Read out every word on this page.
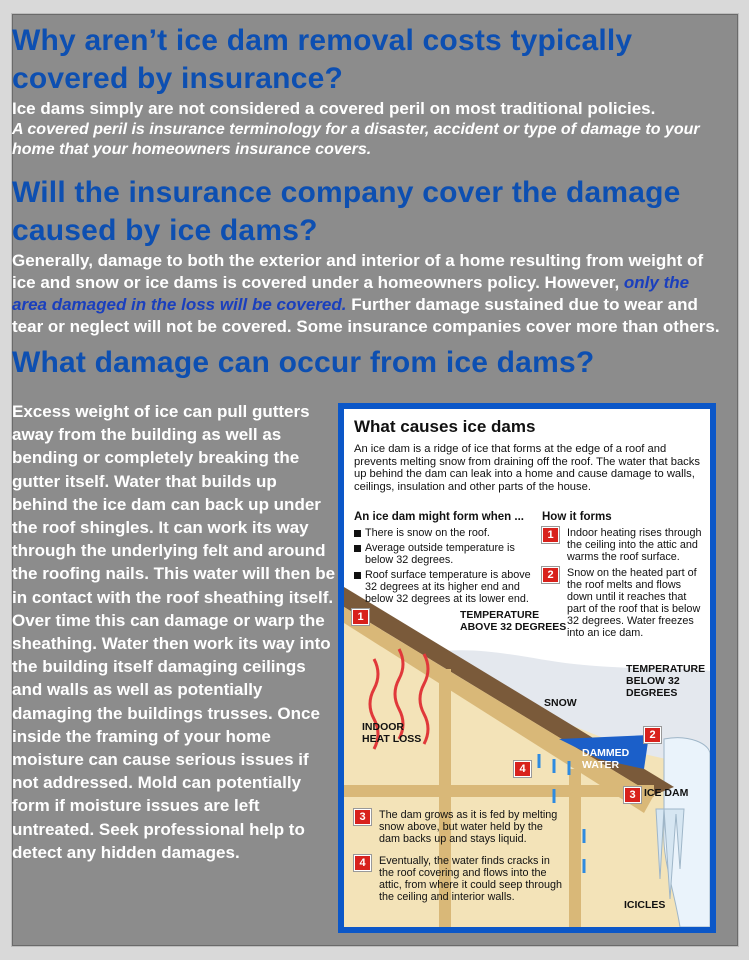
Why aren’t ice dam removal costs typically covered by insurance?

Ice dams simply are not considered a covered peril on most traditional policies.

A covered peril is insurance terminology for a disaster, accident or type of damage to your home that your homeowners insurance covers.

Will the insurance company cover the damage caused by ice dams?

Generally, damage to both the exterior and interior of a home resulting from weight of ice and snow or ice dams is covered under a homeowners policy. However, only the area damaged in the loss will be covered. Further damage sustained due to wear and tear or neglect will not be covered. Some insurance companies cover more than others.

What damage can occur from ice dams?
Excess weight of ice can pull gutters away from the building as well as bending or completely breaking the gutter itself. Water that builds up behind the ice dam can back up under the roof shingles. It can work its way through the underlying felt and around the roofing nails. This water will then be in contact with the roof sheathing itself. Over time this can damage or warp the sheathing. Water then work its way into the building itself damaging ceilings and walls as well as potentially damaging the buildings trusses. Once inside the framing of your home moisture can cause serious issues if not addressed. Mold can potentially form if moisture issues are left untreated. Seek professional help to detect any hidden damages.
What causes ice dams
An ice dam is a ridge of ice that forms at the edge of a roof and prevents melting snow from draining off the roof. The water that backs up behind the dam can leak into a home and cause damage to walls, ceilings, insulation and other parts of the house.
An ice dam might form when ... How it forms
There is snow on the roof.
Average outside temperature is below 32 degrees.
Roof surface temperature is above 32 degrees at its higher end and below 32 degrees at its lower end.
1	Indoor heating rises through the ceiling into the attic and warms the roof surface.
2	Snow on the heated part of the roof melts and flows down until it reaches that part of the roof that is below 32 degrees. Water freezes into an ice dam.
1
2
3
4
TEMPERATURE ABOVE 32 DEGREES
TEMPERATURE BELOW 32 DEGREES
SNOW
INDOOR HEAT LOSS
DAMMED WATER
ICE DAM
ICICLES
3	The dam grows as it is fed by melting snow above, but water held by the dam backs up and stays liquid.
4	Eventually, the water finds cracks in the roof covering and flows into the attic, from where it could seep through the ceiling and interior walls.
